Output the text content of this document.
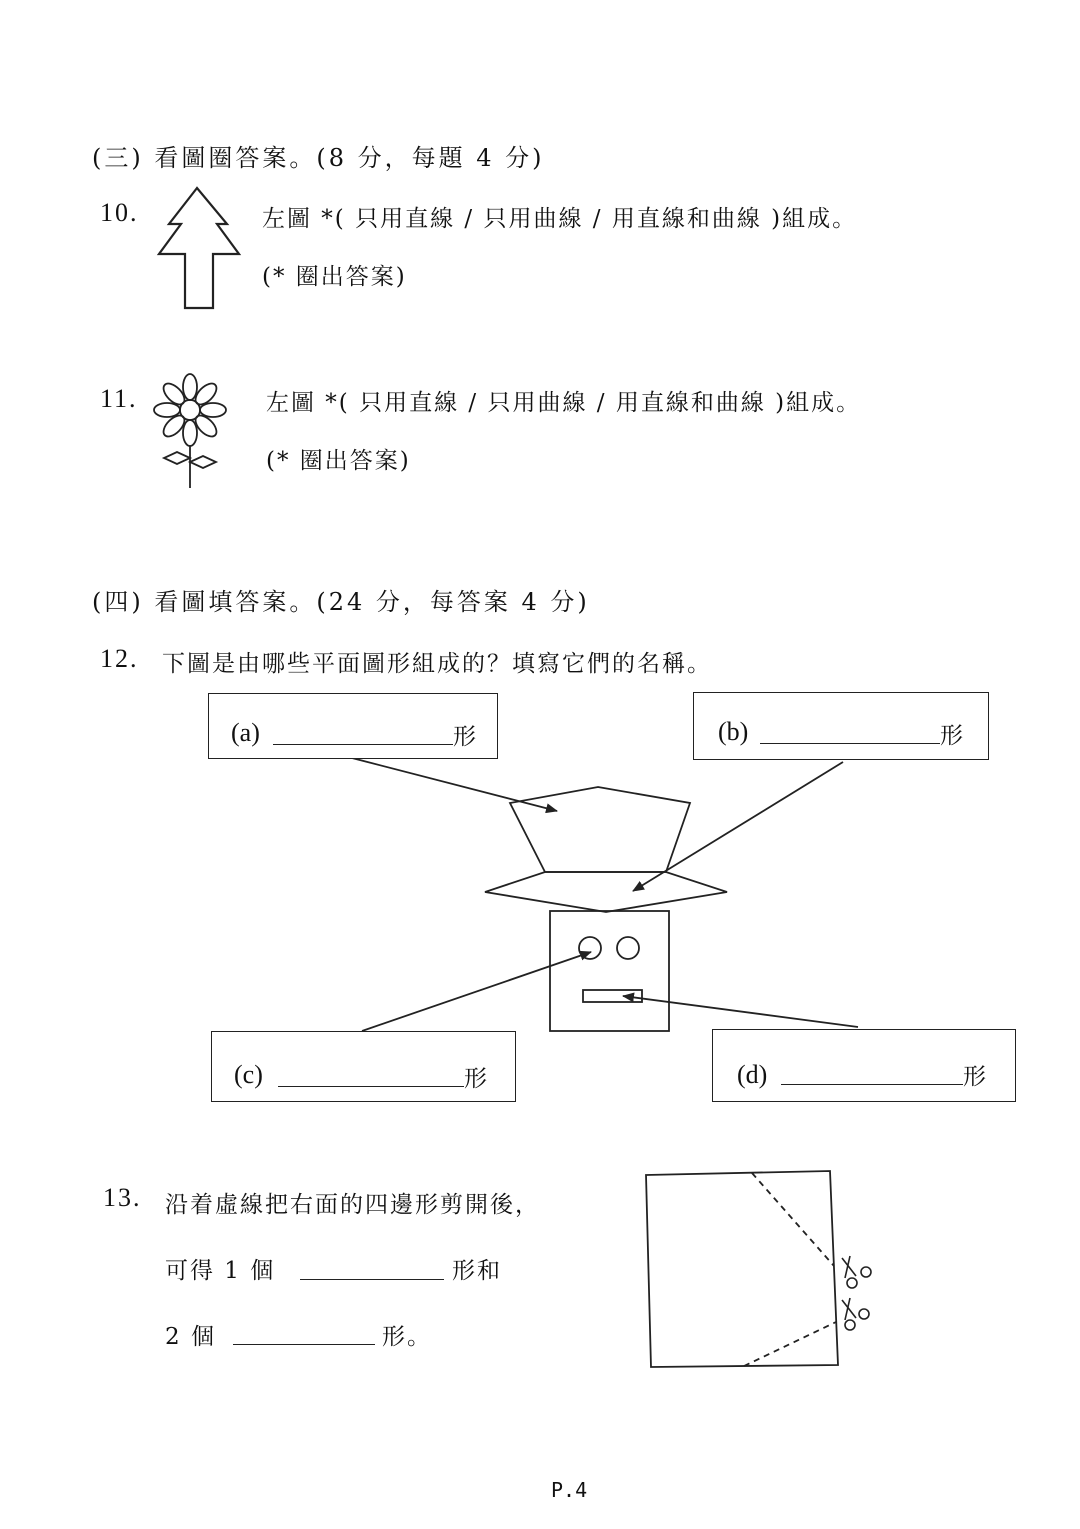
(三) 看圖圈答案。(8 分，每題 4 分)
10.	左圖 *( 只用直線 / 只用曲線 / 用直線和曲線 )組成。
(* 圈出答案)
11.	左圖 *( 只用直線 / 只用曲線 / 用直線和曲線 )組成。
(* 圈出答案)
(四) 看圖填答案。(24 分，每答案 4 分)
12. 下圖是由哪些平面圖形組成的？填寫它們的名稱。
(a)	形	(b)	形
(c)	形	(d)	形
13. 沿着虛線把右面的四邊形剪開後，
可得 1 個	形和
2 個	形。
P.4
